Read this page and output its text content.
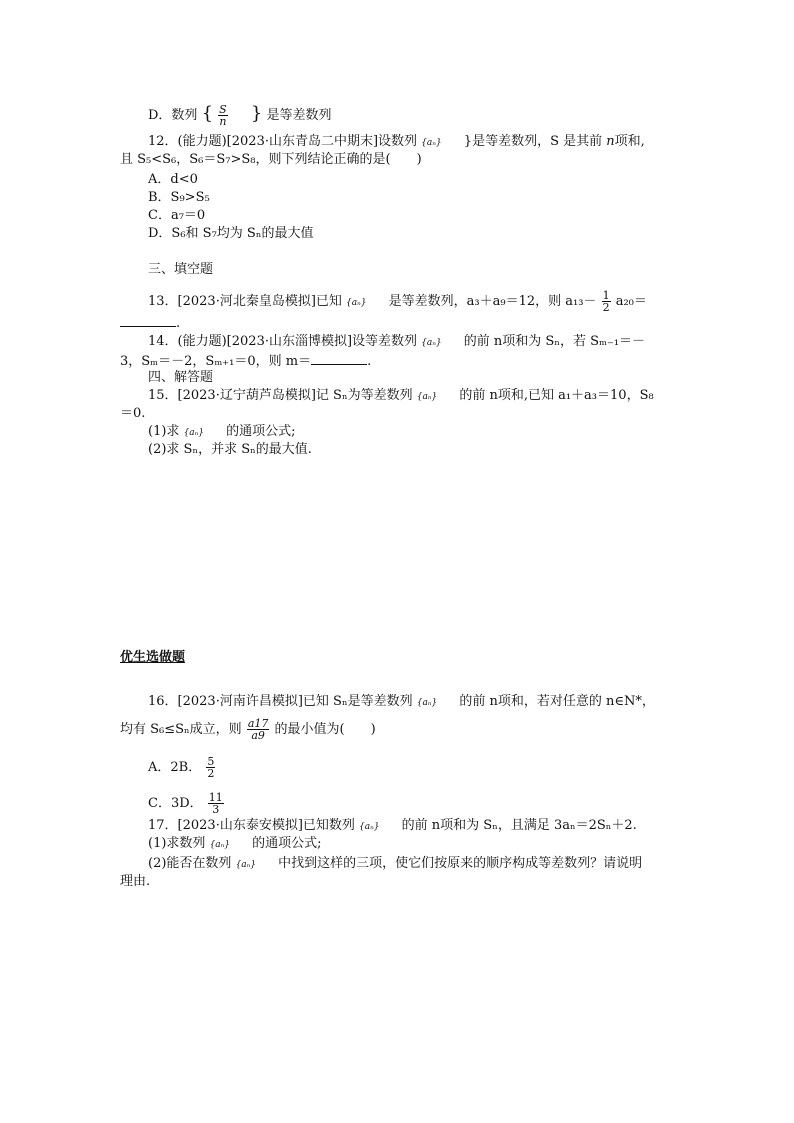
D．数列 { $\frac{S}{n}$ } 是等差数列
12．(能力题)[2023·山东青岛二中期末]设数列 {aₙ} }是等差数列，S 是其前 n项和,
且 S₅<S₆，S₆＝S₇>S₈，则下列结论正确的是(　　)
A．d<0
B．S₉>S₅
C．a₇＝0
D．S₆和 S₇均为 Sₙ的最大值
三、填空题
13．[2023·河北秦皇岛模拟]已知 {aₙ} 是等差数列，a₃＋a₉＝12，则 $a_{13}- \frac{1}{2} a_{20}=$
.
14．(能力题)[2023·山东淄博模拟]设等差数列 {aₙ} 的前 n项和为 Sₙ，若 Sₘ₋₁＝－
3，Sₘ＝－2，Sₘ₊₁＝0，则 m＝	.
四、解答题
15．[2023·辽宁葫芦岛模拟]记 Sₙ为等差数列 {aₙ} 的前 n项和,已知 a₁＋a₃＝10，S₈
＝0.
(1)求 {aₙ} 的通项公式;
(2)求 Sₙ，并求 Sₙ的最大值.
优生选做题
16．[2023·河南许昌模拟]已知 Sₙ是等差数列 {aₙ} 的前 n项和，若对任意的 n∈N*，
均有 S₆≤Sₙ成立，则 $\frac{a17}{a9}$ 的最小值为(　　)
A．2B． $\frac{5}{2}$
C．3D． $\frac{11}{3}$
17．[2023·山东泰安模拟]已知数列 {aₙ} 的前 n项和为 Sₙ，且满足 3aₙ＝2Sₙ＋2.
(1)求数列 {aₙ} 的通项公式;
(2)能否在数列 {aₙ} 中找到这样的三项，使它们按原来的顺序构成等差数列？请说明
理由.
